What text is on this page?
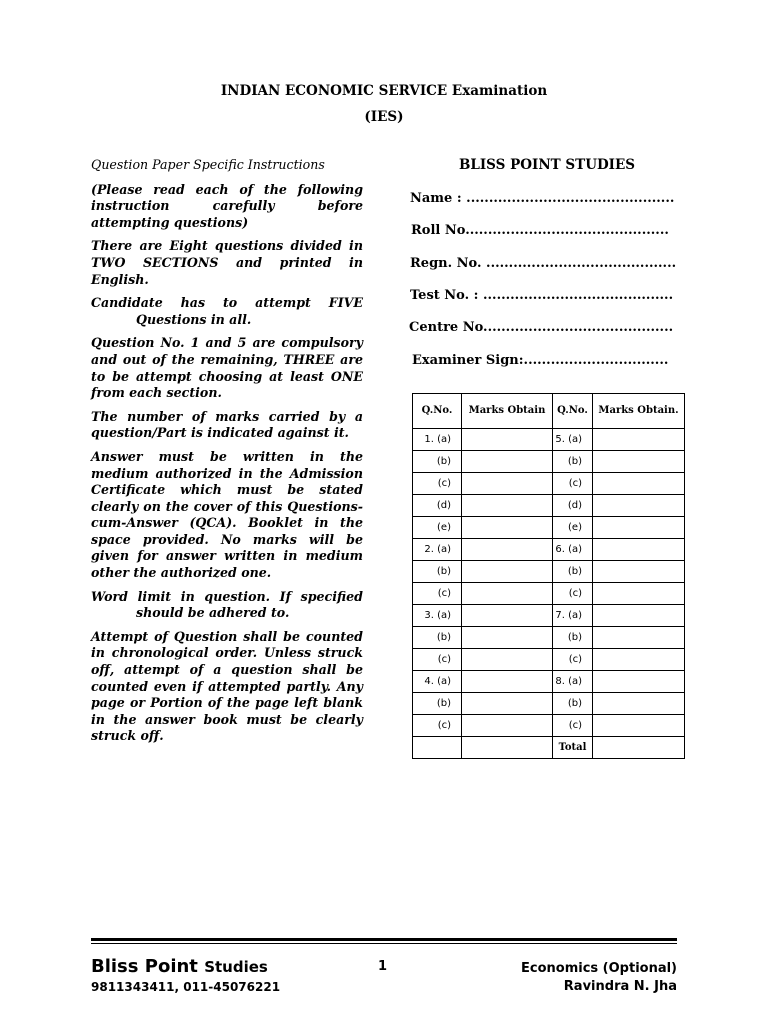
INDIAN ECONOMIC SERVICE Examination
(IES)

Question Paper Specific Instructions

(Please read each of the following instruction carefully before attempting questions)

There are Eight questions divided in TWO SECTIONS and printed in English.

Candidate has to attempt FIVE
Questions in all.

Question No. 1 and 5 are compulsory and out of the remaining, THREE are to be attempt choosing at least ONE from each section.

The number of marks carried by a question/Part is indicated against it.

Answer must be written in the medium authorized in the Admission Certificate which must be stated clearly on the cover of this Questions-cum-Answer (QCA). Booklet in the space provided. No marks will be given for answer written in medium other the authorized one.

Word limit in question. If specified
should be adhered to.

Attempt of Question shall be counted in chronological order. Unless struck off, attempt of a question shall be counted even if attempted partly. Any page or Portion of the page left blank in the answer book must be clearly struck off.

BLISS POINT STUDIES
Name : ..............................................
Roll No.............................................
Regn. No. ..........................................
Test No. : ..........................................
Centre No..........................................
Examiner Sign:................................
Q.No.	Marks Obtain	Q.No.	Marks Obtain.
1. (a)		5. (a)	
(b)		(b)	
(c)		(c)	
(d)		(d)	
(e)		(e)	
2. (a)		6. (a)	
(b)		(b)	
(c)		(c)	
3. (a)		7. (a)	
(b)		(b)	
(c)		(c)	
4. (a)		8. (a)	
(b)		(b)	
(c)		(c)	
		Total	
Bliss Point Studies
9811343411, 011-45076221
1	Economics (Optional)
Ravindra N. Jha
